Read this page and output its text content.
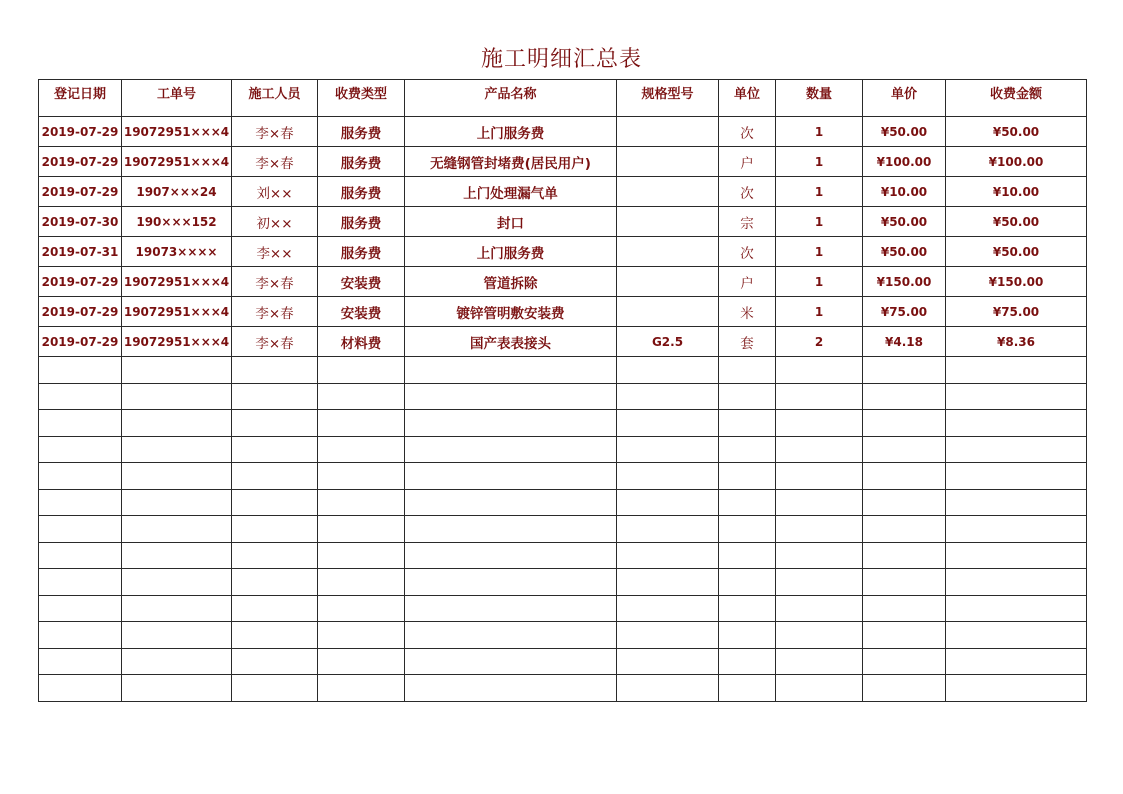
施工明细汇总表
登记日期	工单号	施工人员	收费类型	产品名称	规格型号	单位	数量	单价	收费金额
2019-07-29	19072951×××4	李×春	服务费	上门服务费		次	1	¥50.00	¥50.00
2019-07-29	19072951×××4	李×春	服务费	无缝钢管封堵费(居民用户)		户	1	¥100.00	¥100.00
2019-07-29	1907×××24	刘××	服务费	上门处理漏气单		次	1	¥10.00	¥10.00
2019-07-30	190×××152	初××	服务费	封口		宗	1	¥50.00	¥50.00
2019-07-31	19073××××	李××	服务费	上门服务费		次	1	¥50.00	¥50.00
2019-07-29	19072951×××4	李×春	安装费	管道拆除		户	1	¥150.00	¥150.00
2019-07-29	19072951×××4	李×春	安装费	镀锌管明敷安装费		米	1	¥75.00	¥75.00
2019-07-29	19072951×××4	李×春	材料费	国产表表接头	G2.5	套	2	¥4.18	¥8.36
